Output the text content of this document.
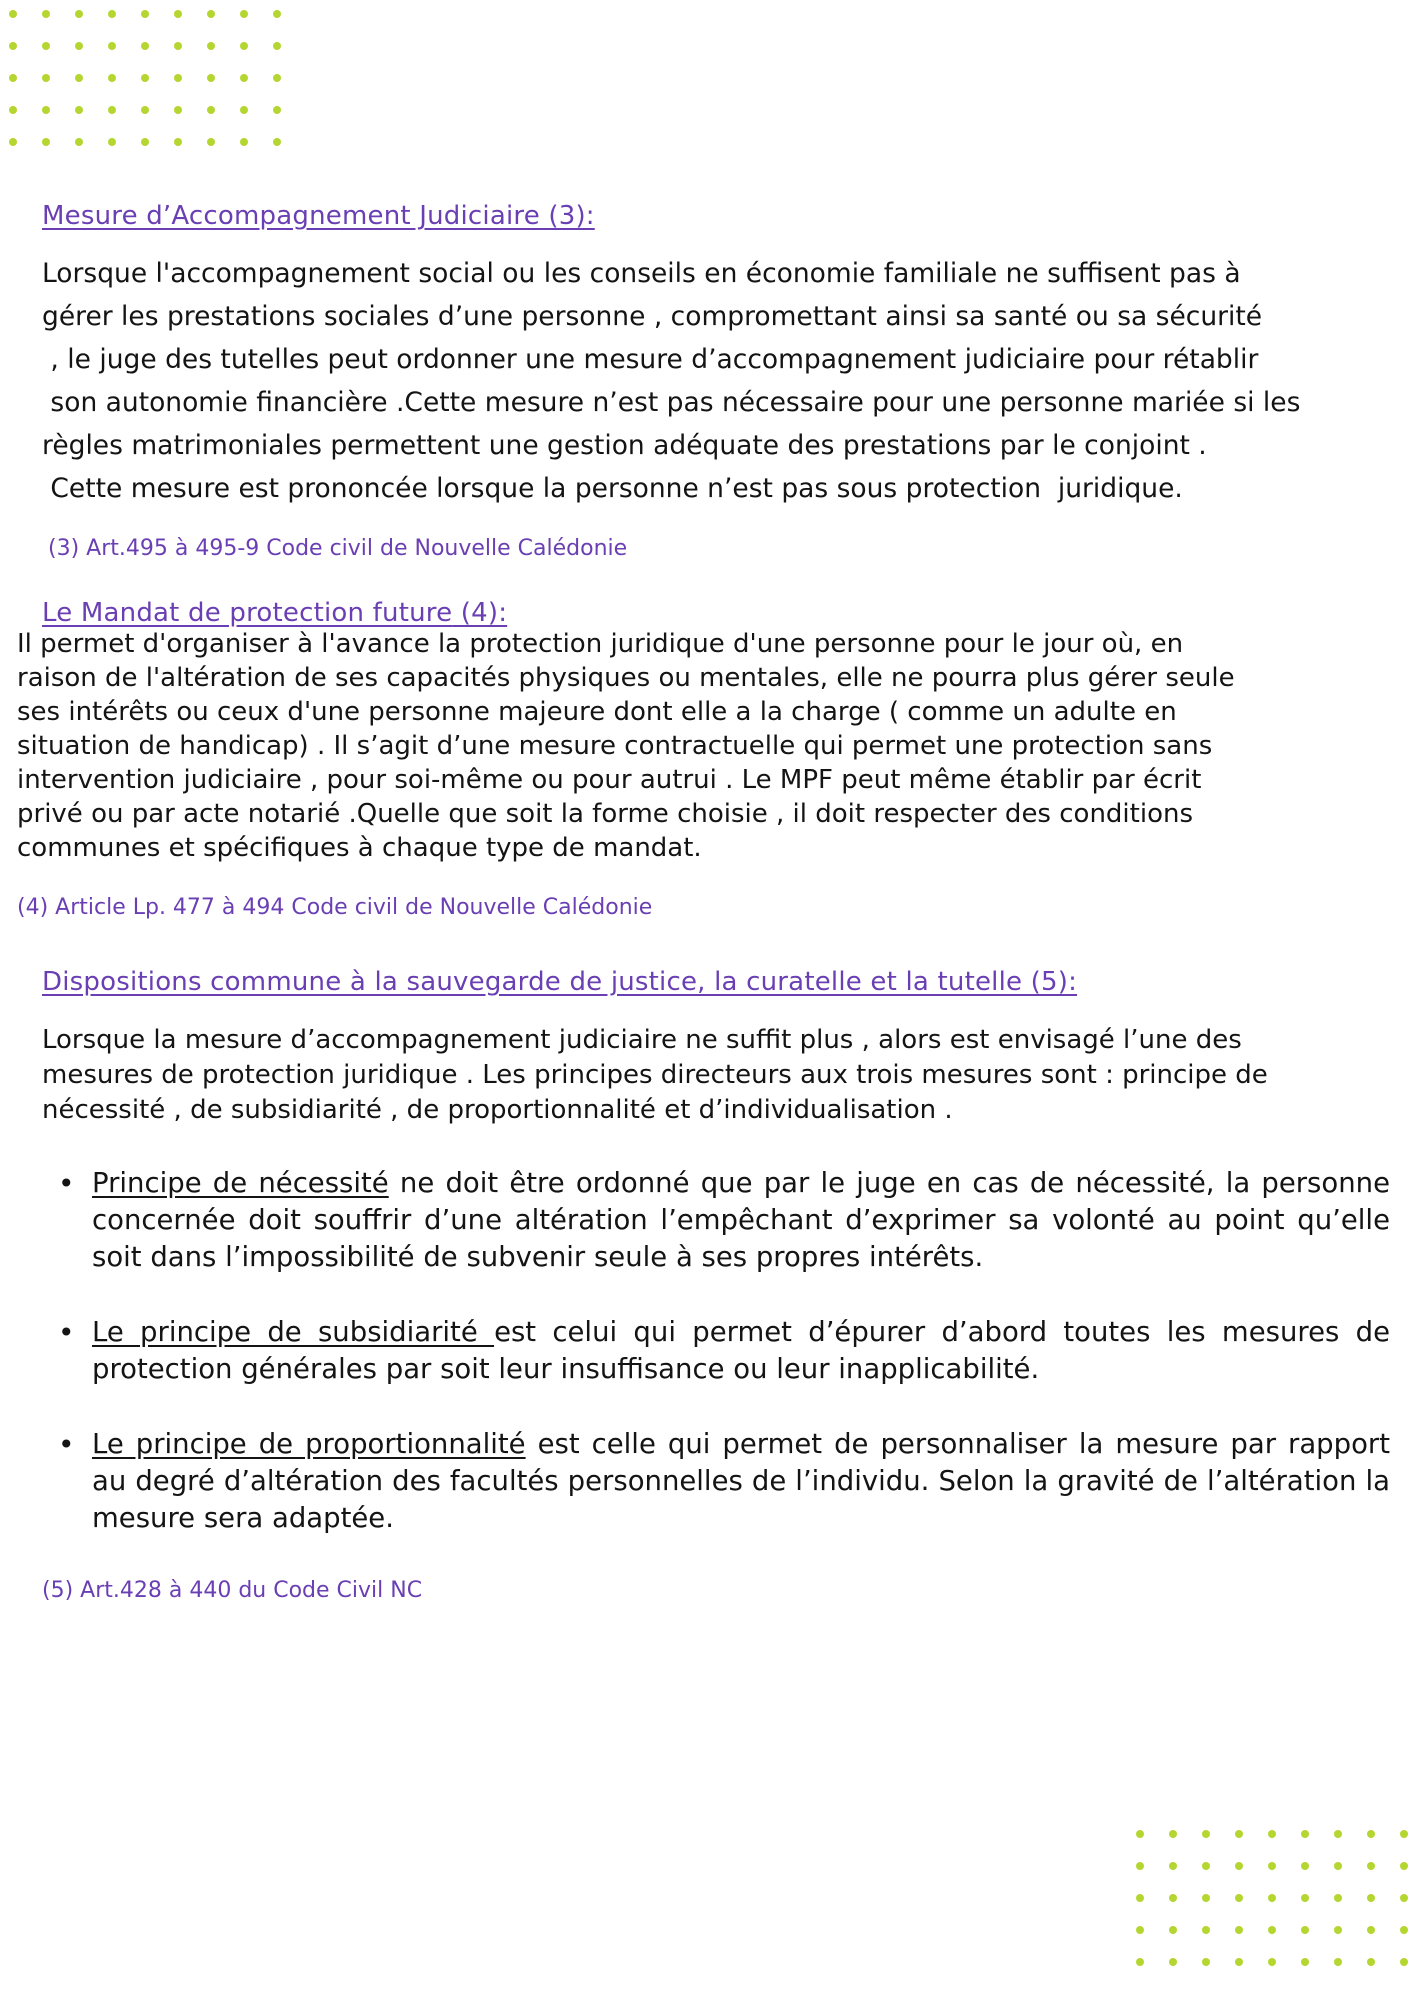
Mesure d’Accompagnement Judiciaire (3):
Lorsque l'accompagnement social ou les conseils en économie familiale ne suffisent pas à
gérer les prestations sociales d’une personne , compromettant ainsi sa santé ou sa sécurité
, le juge des tutelles peut ordonner une mesure d’accompagnement judiciaire pour rétablir
son autonomie financière .Cette mesure n’est pas nécessaire pour une personne mariée si les
règles matrimoniales permettent une gestion adéquate des prestations par le conjoint .
Cette mesure est prononcée lorsque la personne n’est pas sous protection  juridique.
(3) Art.495 à 495-9 Code civil de Nouvelle Calédonie
Le Mandat de protection future (4):
Il permet d'organiser à l'avance la protection juridique d'une personne pour le jour où, en
raison de l'altération de ses capacités physiques ou mentales, elle ne pourra plus gérer seule
ses intérêts ou ceux d'une personne majeure dont elle a la charge ( comme un adulte en
situation de handicap) . Il s’agit d’une mesure contractuelle qui permet une protection sans
intervention judiciaire , pour soi-même ou pour autrui . Le MPF peut même établir par écrit
privé ou par acte notarié .Quelle que soit la forme choisie , il doit respecter des conditions
communes et spécifiques à chaque type de mandat.
(4) Article Lp. 477 à 494 Code civil de Nouvelle Calédonie
Dispositions commune à la sauvegarde de justice, la curatelle et la tutelle (5):
Lorsque la mesure d’accompagnement judiciaire ne suffit plus , alors est envisagé l’une des
mesures de protection juridique . Les principes directeurs aux trois mesures sont : principe de
nécessité , de subsidiarité , de proportionnalité et d’individualisation .
• Principe de nécessité ne doit être ordonné que par le juge en cas de nécessité, la personne concernée doit souffrir d’une altération l’empêchant d’exprimer sa volonté au point qu’elle soit dans l’impossibilité de subvenir seule à ses propres intérêts.
• Le principe de subsidiarité est celui qui permet d’épurer d’abord toutes les mesures de protection générales par soit leur insuffisance ou leur inapplicabilité.
• Le principe de proportionnalité est celle qui permet de personnaliser la mesure par rapport au degré d’altération des facultés personnelles de l’individu. Selon la gravité de l’altération la mesure sera adaptée.
(5) Art.428 à 440 du Code Civil NC
